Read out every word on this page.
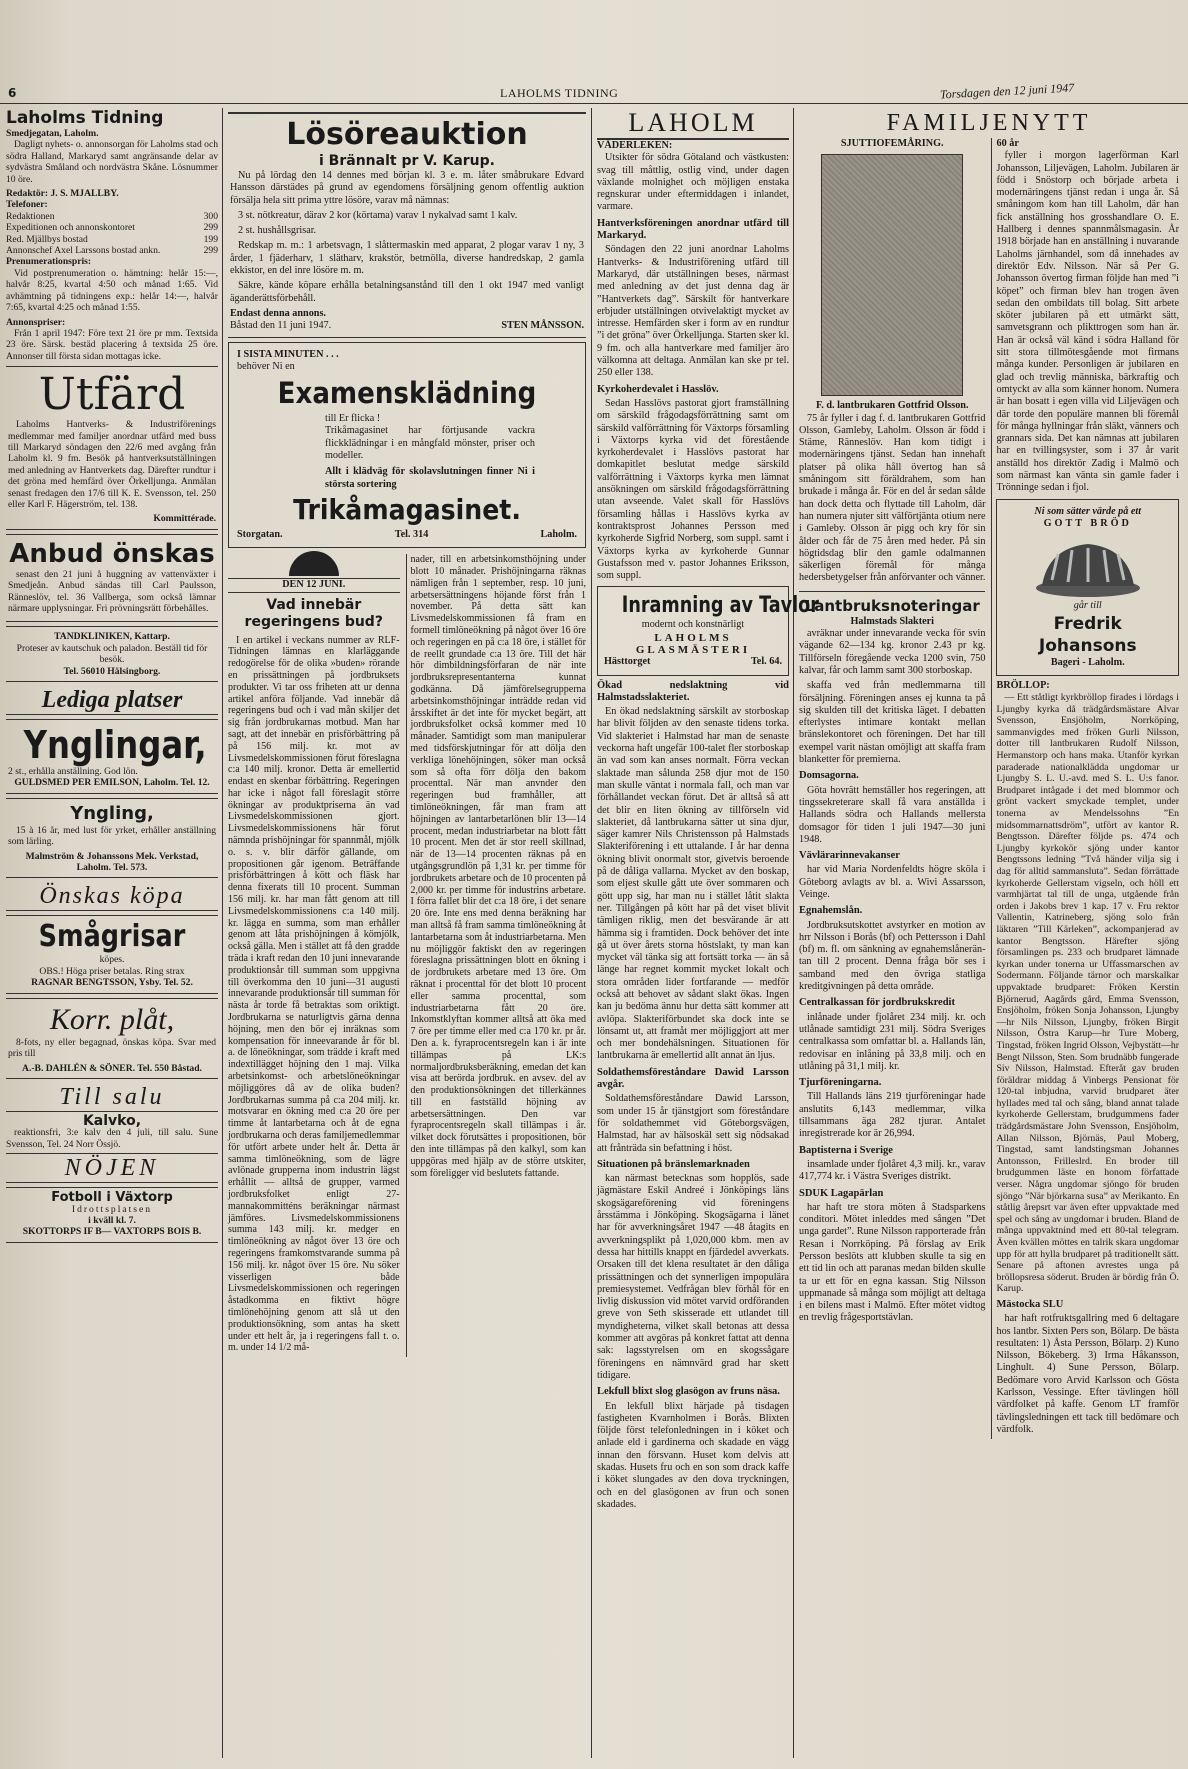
6	LAHOLMS TIDNING	Torsdagen den 12 juni 1947
Laholms Tidning
Smedjegatan, Laholm.

Dagligt nyhets- o. annonsorgan för Laholms stad och södra Halland, Markaryd samt angränsande delar av sydvästra Småland och nordvästra Skåne. Lösnummer 10 öre.

Redaktör: J. S. MJALLBY.
Telefoner:
Redaktionen	300
Expeditionen och annonskontoret	299
Red. Mjällbys bostad	199
Annonschef Axel Larssons bostad ankn.	299
Prenumerationspris:

Vid postprenumeration o. hämtning: helår 15:—, halvår 8:25, kvartal 4:50 och månad 1:65. Vid avhämtning på tidningens exp.: helår 14:—, halvår 7:65, kvartal 4:25 och månad 1:55.

Annonspriser:

Från 1 april 1947: Före text 21 öre pr mm. Textsida 23 öre. Särsk. bestäd placering å textsida 25 öre. Annonser till första sidan mottagas icke.

Utfärd

Laholms Hantverks- & Industriförenings medlemmar med familjer anordnar utfärd med buss till Markaryd söndagen den 22/6 med avgång från Laholm kl. 9 fm. Besök på hantverksutställningen med anledning av Hantverkets dag. Därefter rundtur i det gröna med hemfärd över Örkelljunga. Anmälan senast fredagen den 17/6 till K. E. Svensson, tel. 250 eller Karl F. Hägerström, tel. 138.

Kommittérade.
Anbud önskas

senast den 21 juni å huggning av vattenväxter i Smedjeån. Anbud sändas till Carl Paulsson, Ränneslöv, tel. 36 Vallberga, som också lämnar närmare upplysningar. Fri prövningsrätt förbehålles.

TANDKLINIKEN, Kattarp.
Proteser av kautschuk och paladon. Beställ tid för besök.
Tel. 56010 Hälsingborg.
Lediga platser
Ynglingar,
2 st., erhålla anställning. God lön.
GULDSMED PER EMILSON, Laholm. Tel. 12.
Yngling,

15 à 16 år, med lust för yrket, erhåller anställning som lärling.

Malmström & Johanssons Mek. Verkstad, Laholm. Tel. 573.
Önskas köpa
Smågrisar
köpes.
OBS.! Höga priser betalas. Ring strax
RAGNAR BENGTSSON, Ysby. Tel. 52.
Korr. plåt,

8-fots, ny eller begagnad, önskas köpa. Svar med pris till

A.-B. DAHLÉN & SÖNER. Tel. 550 Båstad.
Till salu
Kalvko,

reaktionsfri, 3:e kalv den 4 juli, till salu. Sune Svensson, Tel. 24 Norr Össjö.

NÖJEN
Fotboll i Växtorp
Idrottsplatsen
i kväll kl. 7.
SKOTTORPS IF B— VAXTORPS BOIS B.
Lösöreauktion
i Brännalt pr V. Karup.

Nu på lördag den 14 dennes med början kl. 3 e. m. låter småbrukare Edvard Hansson därstädes på grund av egendomens försäljning genom offentlig auktion försälja hela sitt prima yttre lösöre, varav må nämnas:

3 st. nötkreatur, därav 2 kor (körtama) varav 1 nykalvad samt 1 kalv.

2 st. hushållsgrisar.

Redskap m. m.: 1 arbetsvagn, 1 slåttermaskin med apparat, 2 plogar varav 1 ny, 3 årder, 1 fjäderharv, 1 slätharv, krakstör, betmölla, diverse handredskap, 2 gamla ekkistor, en del inre lösöre m. m.

Säkre, kände köpare erhålla betalningsanstånd till den 1 okt 1947 med vanligt äganderättsförbehåll.

Endast denna annons.
Båstad den 11 juni 1947.	STEN MÅNSSON.
I SISTA MINUTEN . . .
behöver Ni en
Examensklädning
till Er flicka !
Trikåmagasinet har förtjusande vackra flickklädningar i en mångfald mönster, priser och modeller.
Allt i klädväg för skolavslutningen finner Ni i största sortering
Trikåmagasinet.
Storgatan.	Tel. 314	Laholm.
DEN 12 JUNI.
Vad innebär regeringens bud?

I en artikel i veckans nummer av RLF-Tidningen lämnas en klarläggande redogörelse för de olika »buden» rörande en prissättningen på jordbruksets produkter. Vi tar oss friheten att ur denna artikel anföra följande. Vad innebär då regeringens bud och i vad mån skiljer det sig från jordbrukarnas motbud. Man har sagt, att det innebär en prisförbättring på på 156 milj. kr. mot av Livsmedelskommissionen förut föreslagna c:a 140 milj. kronor. Detta är emellertid endast en skenbar förbättring. Regeringen har icke i något fall föreslagit större ökningar av produktpriserna än vad Livsmedelskommissionen gjort. Livsmedelskommissionens här förut nämnda prishöjningar för spannmål, mjölk o. s. v. blir därför gällande, om propositionen går igenom. Beträffande prisförbättringen å kött och fläsk har denna fixerats till 10 procent. Summan 156 milj. kr. har man fått genom att till Livsmedelskommissionens c:a 140 milj. kr. lägga en summa, som man erhåller genom att låta prishöjningen å kömjölk, också gälla. Men i stället att få den gradde träda i kraft redan den 10 juni innevarande produktionsår till summan som uppgivna till överkomma den 10 juni—31 augusti innevarande produktionsår till summan för nästa år torde få betraktas som oriktigt. Jordbrukarna se naturligtvis gärna denna höjning, men den bör ej inräknas som kompensation för inneevarande år för bl. a. de löneökningar, som trädde i kraft med indextillägget höjning den 1 maj. Vilka arbetsinkomst- och arbetslöneökningar möjliggöres då av de olika buden? Jordbrukarnas summa på c:a 204 milj. kr. motsvarar en ökning med c:a 20 öre per timme åt lantarbetarna och åt de egna jordbrukarna och deras familjemedlemmar för utfört arbete under helt år. Detta är samma timlöneökning, som de lägre avlönade grupperna inom industrin lägst erhållit — alltså de grupper, varmed jordbruksfolket enligt 27-mannakommitténs beräkningar närmast jämföres. Livsmedelskommissionens summa 143 milj. kr. medger en timlöneökning av något över 13 öre och regeringens framkomstvarande summa på 156 milj. kr. något över 15 öre. Nu söker visserligen både Livsmedelskommissionen och regeringen åstadkomma en fiktivt högre timlönehöjning genom att slå ut den produktionsökning, som antas ha skett under ett helt år, ja i regeringens fall t. o. m. under 14 1/2 må-

nader, till en arbetsinkomsthöjning under blott 10 månader. Prishöjningarna räknas nämligen från 1 september, resp. 10 juni, arbetsersättningens höjande först från 1 november. På detta sätt kan Livsmedelskommissionen få fram en formell timlöneökning på något över 16 öre och regeringen en på c:a 18 öre, i stället för de reellt grundade c:a 13 öre. Till det här hör dimbildningsförfaran de när inte jordbruksrepresentanterna kunnat godkänna. Då jämförelsegrupperna arbetsinkomsthöjningar inträdde redan vid årsskiftet är det inte för mycket begärt, att jordbruksfolket också kommer med 10 månader. Samtidigt som man manipulerar med tidsförskjutningar för att dölja den verkliga lönehöjningen, söker man också som så ofta förr dölja den bakom procenttal. När man anvnder den regeringen bud framhåller, att timlöneökningen, får man fram att höjningen av lantarbetarlönen blir 13—14 procent, medan industriarbetar na blott fått 10 procent. Men det är stor reell skillnad, när de 13—14 procenten räknas på en utgångsgrundlön på 1,31 kr. per timme för jordbrukets arbetare och de 10 procenten på 2,000 kr. per timme för industrins arbetare. I förra fallet blir det c:a 18 öre, i det senare 20 öre. Inte ens med denna beräkning har man alltså få fram samma timlöneökning åt lantarbetarna som åt industriarbetarna. Men nu möjliggör faktiskt den av regeringen föreslagna prissättningen blott en ökning i de jordbrukets arbetare med 13 öre. Om räknat i procenttal för det blott 10 procent eller samma procenttal, som industriarbetarna fått 20 öre. Inkomstklyftan kommer alltså att öka med 7 öre per timme eller med c:a 170 kr. pr år. Den a. k. fyraprocentsregeln kan i är inte tillämpas på LK:s normaljordbruksberäkning, emedan det kan visa att berörda jordbruk. en avsev. del av den produktionsökningen det tillerkännes till en fastställd höjning av arbetsersättningen. Den var fyraprocentsregeln skall tillämpas i år. vilket dock förutsättes i propositionen, bör den inte tillämpas på den kalkyl, som kan uppgöras med hjälp av de större utskiter, som föreligger vid beslutets fattande.

LAHOLM
VÄDERLEKEN:

Utsikter för södra Götaland och västkusten: svag till måttlig, ostlig vind, under dagen växlande molnighet och möjligen enstaka regnskurar under eftermiddagen i inlandet, varmare.

Hantverksföreningen anordnar utfärd till Markaryd.

Söndagen den 22 juni anordnar Laholms Hantverks- & Industriförening utfärd till Markaryd, där utställningen beses, närmast med anledning av det just denna dag är ”Hantverkets dag”. Särskilt för hantverkare erbjuder utställningen otvivelaktigt mycket av intresse. Hemfärden sker i form av en rundtur ”i det gröna” över Örkelljunga. Starten sker kl. 9 fm. och alla hantverkare med familjer äro välkomna att deltaga. Anmälan kan ske pr tel. 250 eller 138.

Kyrkoherdevalet i Hasslöv.

Sedan Hasslövs pastorat gjort framställning om särskild frågodagsförrättning samt om särskild valförrättning för Växtorps församling i Växtorps kyrka vid det förestående kyrkoherdevalet i Hasslövs pastorat har domkapitlet beslutat medge särskild valförrättning i Växtorps kyrka men lämnat ansökningen om särskild frågodagsförrättning utan avseende. Valet skall för Hasslövs församling hållas i Hasslövs kyrka av kontraktsprost Johannes Persson med kyrkoherde Sigfrid Norberg, som suppl. samt i Växtorps kyrka av kyrkoherde Gunnar Gustafsson med v. pastor Johannes Eriksson, som suppl.

Inramning av Tavlor
modernt och konstnärligt
LAHOLMS GLASMÄSTERI
Hästtorget	Tel. 64.
Ökad nedslaktning vid Halmstadsslakteriet.

En ökad nedslaktning särskilt av storboskap har blivit följden av den senaste tidens torka. Vid slakteriet i Halmstad har man de senaste veckorna haft ungefär 100-talet fler storboskap än vad som kan anses normalt. Förra veckan slaktade man sålunda 258 djur mot de 150 man skulle väntat i normala fall, och man var förhållandet veckan förut. Det är alltså så att det blir en liten ökning av tillförseln vid slakteriet, då lantbrukarna sätter ut sina djur, säger kamrer Nils Christensson på Halmstads Slakteriförening i ett uttalande. I år har denna ökning blivit onormalt stor, givetvis beroende på de dåliga vallarna. Mycket av den boskap, som eljest skulle gått ute över sommaren och gött upp sig, har man nu i stället låtit slakta ner. Tillgången på kött har på det viset blivit tämligen riklig, men det besvärande är att hämma sig i framtiden. Dock behöver det inte gå ut över årets storna höstslakt, ty man kan mycket väl tänka sig att fortsätt torka — än så länge har regnet kommit mycket lokalt och stora områden lider fortfarande — medför också att behovet av sådant slakt ökas. Ingen kan ju bedöma ännu hur detta sätt kommer att avlöpa. Slakteriförbundet ska dock inte se lönsamt ut, att framåt mer möjliggjort att mer och mer bondehälsningen. Situationen för lantbrukarna är emellertid allt annat än ljus.

Soldathemsföreståndare Dawid Larsson avgår.

Soldathemsföreståndare Dawid Larsson, som under 15 år tjänstgjort som föreståndare för soldathemmet vid Göteborgsvägen, Halmstad, har av hälsoskäl sett sig nödsakad att frånträda sin befattning i höst.

Situationen på bränslemarknaden

kan närmast betecknas som hopplös, sade jägmästare Eskil Andreé i Jönköpings läns skogsägareförening vid föreningens årsstämma i Jönköping. Skogsägarna i länet har för avverkningsåret 1947 —48 åtagits en avverkningsplikt på 1,020,000 kbm. men av dessa har hittills knappt en fjärdedel avverkats. Orsaken till det klena resultatet är den dåliga prissättningen och det synnerligen impopulära premiesystemet. Vedfrågan blev förhål för en livlig diskussion vid mötet varvid ordföranden greve von Seth skisserade ett utlandet till myndigheterna, vilket skall betonas att dessa kommer att avgöras på konkret fattat att denna sak: lagsstyrelsen om en skogssågare föreningens en nämnvärd grad har skett tidigare.

Lekfull blixt slog glasögon av fruns näsa.

En lekfull blixt härjade på tisdagen fastigheten Kvarnholmen i Borås. Blixten följde först telefonledningen in i köket och anlade eld i gardinerna och skadade en vägg innan den försvann. Huset kom delvis att skadas. Husets fru och en son som drack kaffe i köket slungades av den dova tryckningen, och en del glasögonen av frun och sonen skadades.

FAMILJENYTT
SJUTTIOFEMÅRING.
F. d. lantbrukaren Gottfrid Olsson.

75 år fyller i dag f. d. lantbrukaren Gottfrid Olsson, Gamleby, Laholm. Olsson är född i Stäme, Ränneslöv. Han kom tidigt i modernäringens tjänst. Sedan han innehaft platser på olika håll övertog han så småningom sitt föräldrahem, som han brukade i många år. För en del år sedan sålde han dock detta och flyttade till Laholm, där han numera njuter sitt välförtjänta otium nere i Gamleby. Olsson är pigg och kry för sin ålder och får de 75 åren med heder. På sin högtidsdag blir den gamle odalmannen säkerligen föremål för många hedersbetygelser från anförvanter och vänner.

Lantbruksnoteringar
Halmstads Slakteri

avräknar under innevarande vecka för svin vägande 62—134 kg. kronor 2.43 pr kg. Tillförseln föregående vecka 1200 svin, 750 kalvar, får och lamm samt 300 storboskap.

skaffa ved från medlemmarna till försäljning. Föreningen anses ej kunna ta på sig skulden till det kritiska läget. I debatten efterlystes intimare kontakt mellan bränslekontoret och föreningen. Det har till exempel varit nästan omöjligt att skaffa fram blanketter för premierna.

Domsagorna.

Göta hovrätt hemställer hos regeringen, att tingssekreterare skall få vara anställda i Hallands södra och Hallands mellersta domsagor för tiden 1 juli 1947—30 juni 1948.

Vävlärarinnevakanser

har vid Maria Nordenfeldts högre sköla i Göteborg avlagts av bl. a. Wivi Assarsson, Veinge.

Egnahemslån.

Jordbruksutskottet avstyrker en motion av hrr Nilsson i Borås (bf) och Pettersson i Dahl (bf) m. fl. om sänkning av egnahemslåneräntan till 2 procent. Denna fråga bör ses i samband med den övriga statliga kreditgivningen på detta område.

Centralkassan för jordbrukskredit

inlånade under fjolåret 234 milj. kr. och utlånade samtidigt 231 milj. Södra Sveriges centralkassa som omfattar bl. a. Hallands län, redovisar en inlåning på 33,8 milj. och en utlåning på 31,1 milj. kr.

Tjurföreningarna.

Till Hallands läns 219 tjurföreningar hade anslutits 6,143 medlemmar, vilka tillsammans äga 282 tjurar. Antalet inregistrerade kor är 26,994.

Baptisterna i Sverige

insamlade under fjolåret 4,3 milj. kr., varav 417,774 kr. i Västra Sveriges distrikt.

SDUK Lagapärlan

har haft tre stora möten å Stadsparkens conditori. Mötet inleddes med sången ”Det unga gardet”. Rune Nilsson rapporterade från Resan i Norrköping. På förslag av Erik Persson beslöts att klubben skulle ta sig en ett tid lin och att paranas medan bilden skulle ta ur ett för en egna kassan. Stig Nilsson uppmanade så många som möjligt att deltaga i en bilens mast i Malmö. Efter mötet vidtog en trevlig frågesportstävlan.

60 år

fyller i morgon lagerförman Karl Johansson, Liljevägen, Laholm. Jubilaren är född i Snöstorp och började arbeta i modernäringens tjänst redan i unga år. Så småningom kom han till Laholm, där han fick anställning hos grosshandlare O. E. Hallberg i dennes spannmålsmagasin. År 1918 började han en anställning i nuvarande Laholms järnhandel, som då innehades av direktör Edv. Nilsson. När så Per G. Johansson övertog firman följde han med ”i köpet” och firman blev han trogen även sedan den ombildats till bolag. Sitt arbete sköter jubilaren på ett utmärkt sätt, samvetsgrann och plikttrogen som han är. Han är också väl känd i södra Halland för sitt stora tillmötesgående mot firmans många kunder. Personligen är jubilaren en glad och trevlig människa, bärkraftig och omtyckt av alla som känner honom. Numera är han bosatt i egen villa vid Liljevägen och där torde den populäre mannen bli föremål för många hyllningar från släkt, vänners och grannars sida. Det kan nämnas att jubilaren har en tvillingsyster, som i 37 år varit anställd hos direktör Zadig i Malmö och som närmast kan vänta sin gamle fader i Trönninge sedan i fjol.

Ni som sätter värde på ett
GOTT BRÖD
går till
Fredrik Johansons
Bageri - Laholm.
BRÖLLOP:

— Ett ståtligt kyrkbröllop firades i lördags i Ljungby kyrka då trädgårdsmästare Alvar Svensson, Ensjöholm, Norrköping, sammanvigdes med fröken Gurli Nilsson, dotter till lantbrukaren Rudolf Nilsson, Hermanstorp och hans maka. Utanför kyrkan paraderade nationalklädda ungdomar ur Ljungby S. L. U.-avd. med S. L. U:s fanor. Brudparet intågade i det med blommor och grönt vackert smyckade templet, under tonerna av Mendelssohns ”En midsommarnattsdröm”, utfört av kantor R. Bengtsson. Därefter följde ps. 474 och Ljungby kyrkokör sjöng under kantor Bengtssons ledning ”Två händer vilja sig i dag för alltid sammansluta”. Sedan förrättade kyrkoherde Gellerstam vigseln, och höll ett varmhjärtat tal till de unga, utgående från orden i Jakobs brev 1 kap. 17 v. Fru rektor Vallentin, Katrineberg, sjöng solo från läktaren ”Till Kärleken”, ackompanjerad av kantor Bengtsson. Härefter sjöng församlingen ps. 233 och brudparet lämnade kyrkan under tonerna ur Uffassmarschen av Sodermann. Följande tärnor och marskalkar uppvaktade brudparet: Fröken Kerstin Björnerud, Aagårds gård, Emma Svensson, Ensjöholm, fröken Sonja Johansson, Ljungby—hr Nils Nilsson, Ljungby, fröken Birgit Nilsson, Östra Karup—hr Ture Moberg, Tingstad, fröken Ingrid Olsson, Vejbystätt—hr Bengt Nilsson, Sten. Som brudnäbb fungerade Siv Nilsson, Halmstad. Efteråt gav bruden föräldrar middag å Vinbergs Pensionat för 120-tal inbjudna, varvid brudparet äter hyllades med tal och sång, bland annat talade kyrkoherde Gellerstam, brudgummens fader trädgårdsmästare John Svensson, Ensjöholm, Allan Nilsson, Björnäs, Paul Moberg, Tingstad, samt landstingsman Johannes Antonsson, Frilleslrd. En broder till brudgummen läste en honom författade verser. Några ungdomar sjöngo för bruden sjöngo ”När björkarna susa” av Merikanto. En ståtlig årepsrt var även efter uppvaktade med spel och sång av ungdomar i bruden. Bland de många uppvaktnind med ett 80-tal telegram. Även kvällen möttes en talrik skara ungdomar upp för att hylla brudparet på traditionellt sätt. Senare på aftonen avrestes unga på bröllopsresa söderut. Bruden är bördig från Ö. Karup.

Mästocka SLU

har haft rotfruktsgallring med 6 deltagare hos lantbr. Sixten Pers son, Bölarp. De bästa resultaten: 1) Åsta Persson, Bölarp. 2) Kuno Nilsson, Bökeberg. 3) Irma Håkansson, Linghult. 4) Sune Persson, Bölarp. Bedömare voro Arvid Karlsson och Gösta Karlsson, Vessinge. Efter tävlingen höll värdfolket på kaffe. Genom LT framför tävlingsledningen ett tack till bedömare och värdfolk.
